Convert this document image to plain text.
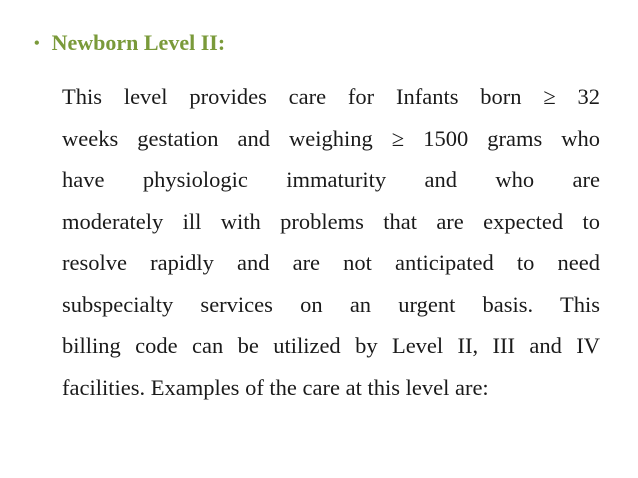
• Newborn Level II:
This level provides care for Infants born ≥ 32
weeks gestation and weighing ≥ 1500 grams who
have physiologic immaturity and who are
moderately ill with problems that are expected to
resolve rapidly and are not anticipated to need
subspecialty services on an urgent basis. This
billing code can be utilized by Level II, III and IV
facilities. Examples of the care at this level are:
